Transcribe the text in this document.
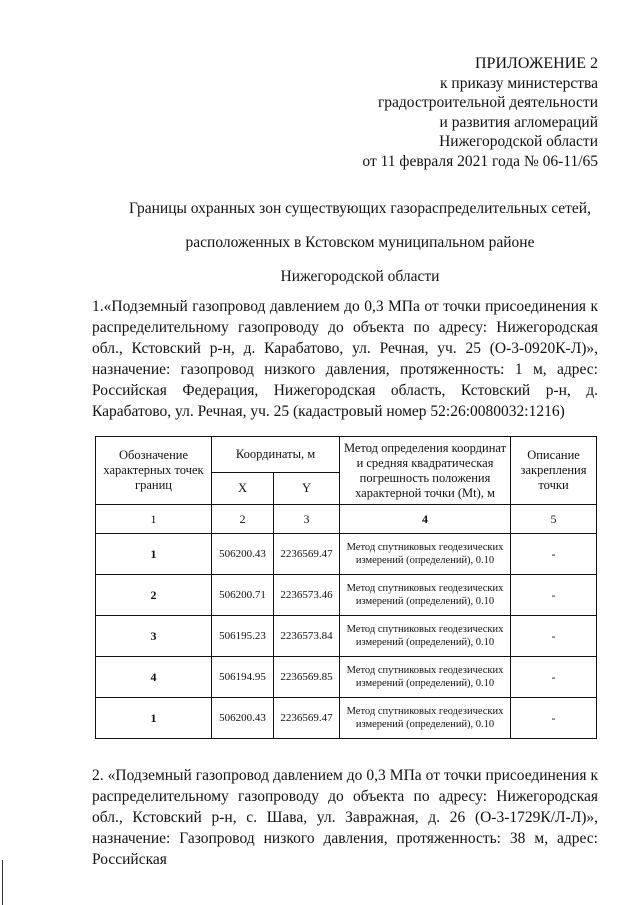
ПРИЛОЖЕНИЕ 2
к приказу министерства
градостроительной деятельности
и развития агломераций
Нижегородской области
от 11 февраля 2021 года № 06-11/65

Границы охранных зон существующих газораспределительных сетей,

расположенных в Кстовском муниципальном районе

Нижегородской области

1.«Подземный газопровод давлением до 0,3 МПа от точки присоединения к распределительному газопроводу до объекта по адресу: Нижегородская обл., Кстовский р-н, д. Карабатово, ул. Речная, уч. 25 (О-3-0920К-Л)», назначение: газопровод низкого давления, протяженность: 1 м, адрес: Российская Федерация, Нижегородская область, Кстовский р-н, д. Карабатово, ул. Речная, уч. 25 (кадастровый номер 52:26:0080032:1216)
Обозначение характерных точек границ	Координаты, м		Метод определения координат и средняя квадратическая погрешность положения характерной точки (Mt), м	Описание закрепления точки
	X	Y		
1	2	3	4	5
1	506200.43	2236569.47	Метод спутниковых геодезических измерений (определений), 0.10	-
2	506200.71	2236573.46	Метод спутниковых геодезических измерений (определений), 0.10	-
3	506195.23	2236573.84	Метод спутниковых геодезических измерений (определений), 0.10	-
4	506194.95	2236569.85	Метод спутниковых геодезических измерений (определений), 0.10	-
1	506200.43	2236569.47	Метод спутниковых геодезических измерений (определений), 0.10	-
2. «Подземный газопровод давлением до 0,3 МПа от точки присоединения к распределительному газопроводу до объекта по адресу: Нижегородская обл., Кстовский р-н, с. Шава, ул. Завражная, д. 26 (О-3-1729К/Л-Л)», назначение: Газопровод низкого давления, протяженность: 38 м, адрес: Российская
